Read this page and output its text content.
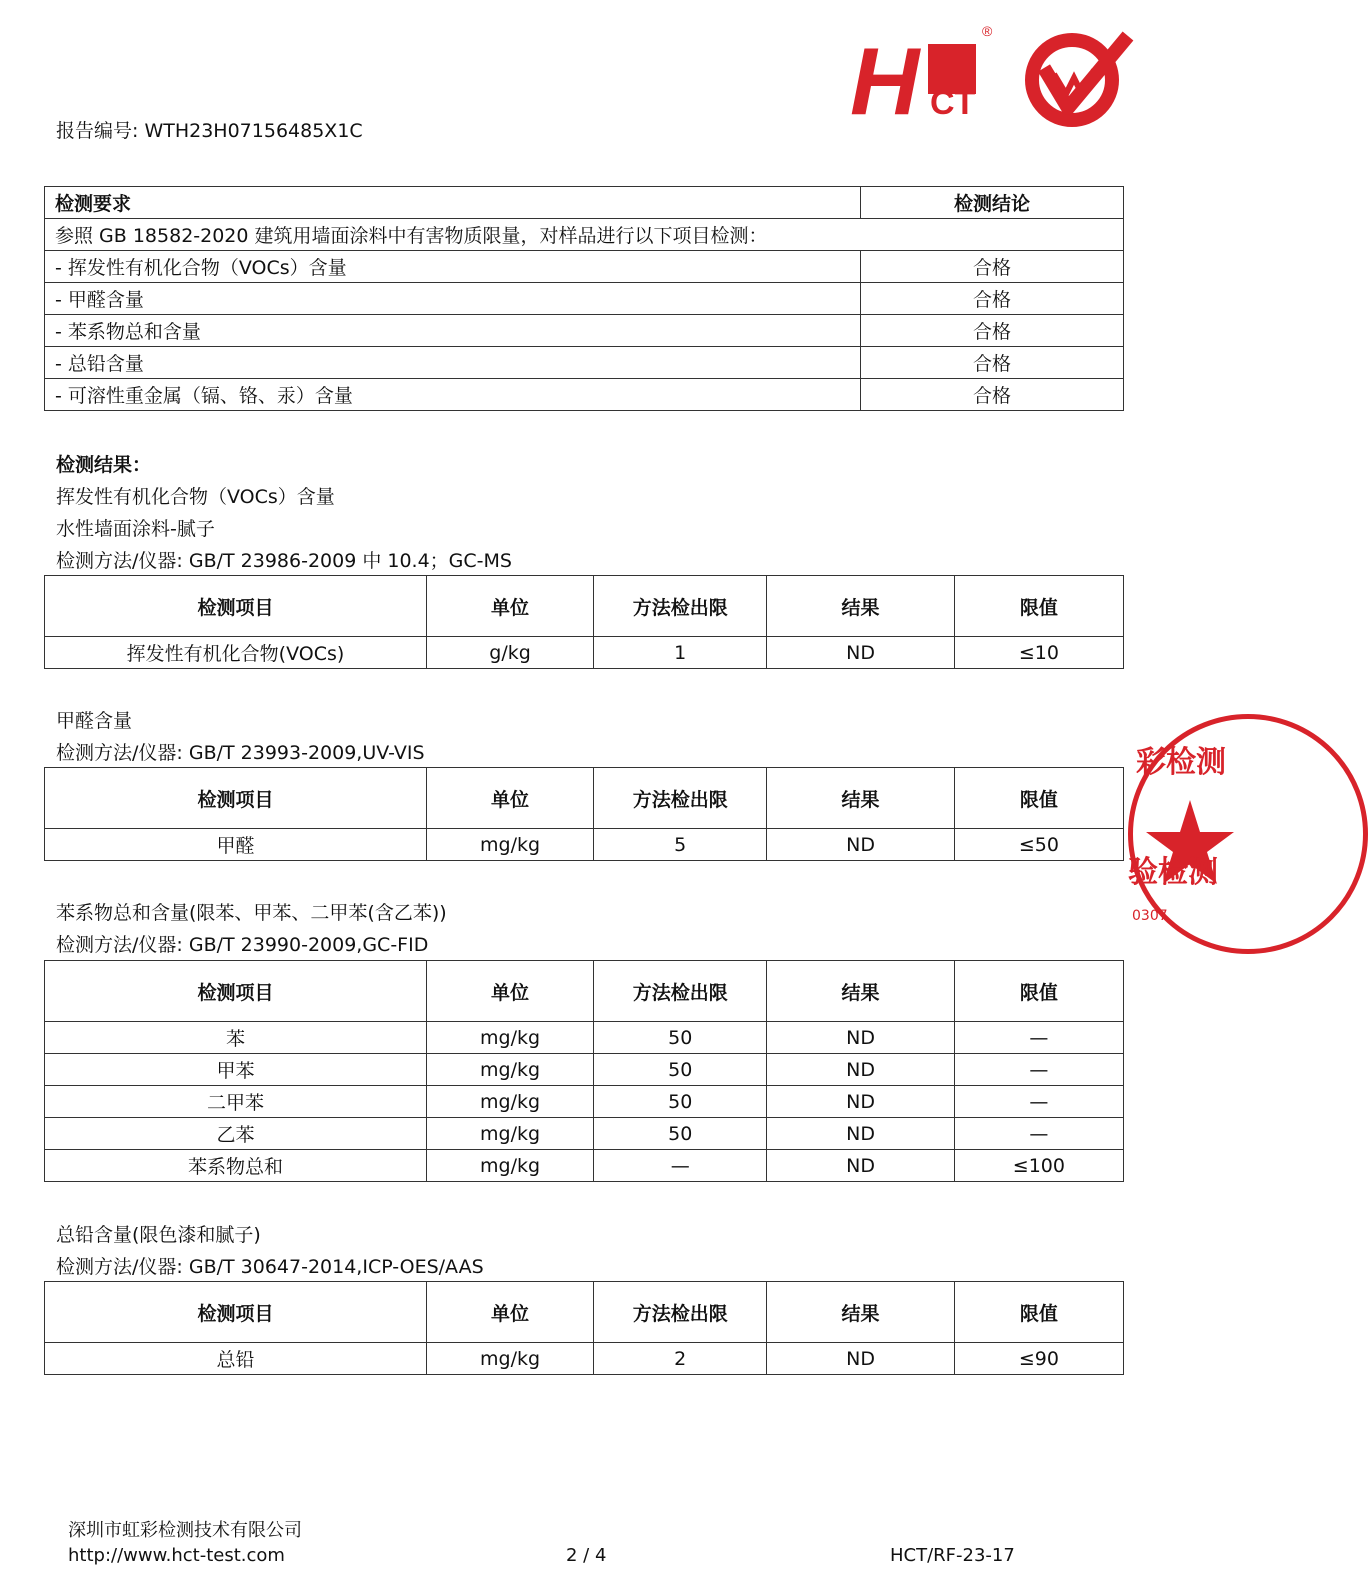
H CT
®
报告编号: WTH23H07156485X1C
检测要求	检测结论
参照 GB 18582-2020 建筑用墙面涂料中有害物质限量，对样品进行以下项目检测：	
- 挥发性有机化合物（VOCs）含量	合格
- 甲醛含量	合格
- 苯系物总和含量	合格
- 总铅含量	合格
- 可溶性重金属（镉、铬、汞）含量	合格
检测结果：
挥发性有机化合物（VOCs）含量
水性墙面涂料-腻子
检测方法/仪器: GB/T 23986-2009 中 10.4；GC-MS
检测项目	单位	方法检出限	结果	限值
挥发性有机化合物(VOCs)	g/kg	1	ND	≤10
甲醛含量
检测方法/仪器: GB/T 23993-2009,UV-VIS
检测项目	单位	方法检出限	结果	限值
甲醛	mg/kg	5	ND	≤50
苯系物总和含量(限苯、甲苯、二甲苯(含乙苯))
检测方法/仪器: GB/T 23990-2009,GC-FID
检测项目	单位	方法检出限	结果	限值
苯	mg/kg	50	ND	—
甲苯	mg/kg	50	ND	—
二甲苯	mg/kg	50	ND	—
乙苯	mg/kg	50	ND	—
苯系物总和	mg/kg	—	ND	≤100
总铅含量(限色漆和腻子)
检测方法/仪器: GB/T 30647-2014,ICP-OES/AAS
检测项目	单位	方法检出限	结果	限值
总铅	mg/kg	2	ND	≤90
彩检测
验检测
0307
深圳市虹彩检测技术有限公司
http://www.hct-test.com	2 / 4	HCT/RF-23-17
